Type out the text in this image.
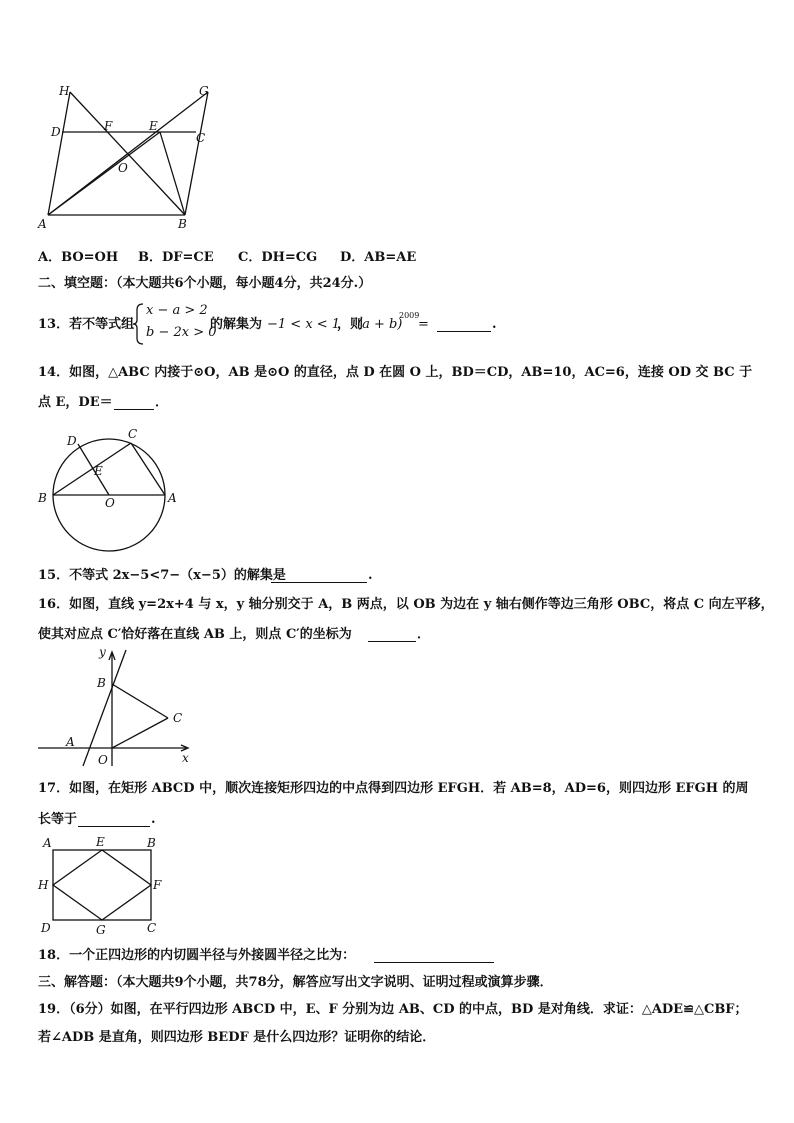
H	G
D	F	E
C
O
A	B
A．BO=OH B．DF=CE C．DH=CG D．AB=AE
二、填空题：（本大题共6个小题，每小题4分，共24分.）
13．若不等式组
x − a > 2
b − 2x > 0
的解集为 −1 < x < 1
，则
(a + b)
2009
=	.
14．如图，△ABC 内接于⊙O，AB 是⊙O 的直径，点 D 在圆 O 上，BD＝CD，AB=10，AC=6，连接 OD 交 BC 于
点 E，DE＝	．
D	C
E
B	O	A
15．不等式 2x−5<7−（x−5）的解集是	.
16．如图，直线 y=2x+4 与 x，y 轴分别交于 A，B 两点，以 OB 为边在 y 轴右侧作等边三角形 OBC，将点 C 向左平移，
使其对应点 C′恰好落在直线 AB 上，则点 C′的坐标为	．
y
B
C
A
O	x
17．如图，在矩形 ABCD 中，顺次连接矩形四边的中点得到四边形 EFGH．若 AB=8，AD=6，则四边形 EFGH 的周
长等于	.
A	E	B
H	F
D	G	C
18．一个正四边形的内切圆半径与外接圆半径之比为：
三、解答题：（本大题共9个小题，共78分，解答应写出文字说明、证明过程或演算步骤．
19．（6分）如图，在平行四边形 ABCD 中，E、F 分别为边 AB、CD 的中点，BD 是对角线．求证：△ADE≌△CBF；
若∠ADB 是直角，则四边形 BEDF 是什么四边形？证明你的结论．
